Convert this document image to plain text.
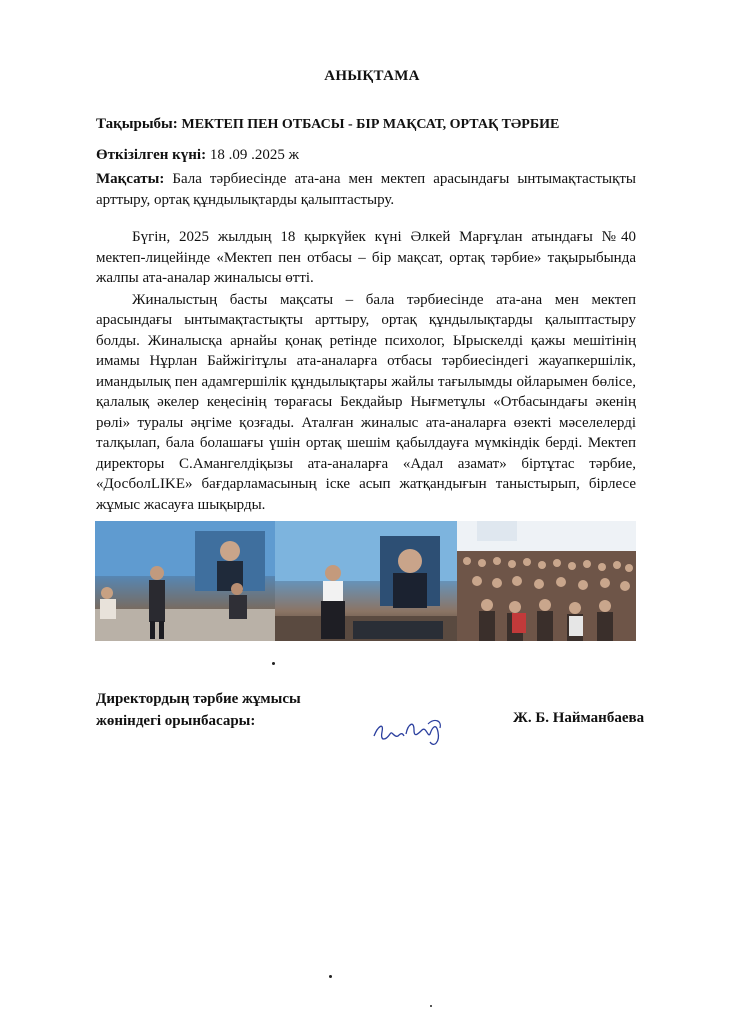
АНЫҚТАМА
Тақырыбы: МЕКТЕП ПЕН ОТБАСЫ - БІР МАҚСАТ, ОРТАҚ ТӘРБИЕ
Өткізілген күні: 18 .09 .2025 ж
Мақсаты: Бала тәрбиесінде ата-ана мен мектеп арасындағы ынтымақтастықты арттыру, ортақ құндылықтарды қалыптастыру.

Бүгін, 2025 жылдың 18 қыркүйек күні Әлкей Марғұлан атындағы №40 мектеп-лицейінде «Мектеп пен отбасы – бір мақсат, ортақ тәрбие» тақырыбында жалпы ата-аналар жиналысы өтті.

Жиналыстың басты мақсаты – бала тәрбиесінде ата-ана мен мектеп арасындағы ынтымақтастықты арттыру, ортақ құндылықтарды қалыптастыру болды. Жиналысқа арнайы қонақ ретінде психолог, Ырыскелді қажы мешітінің имамы Нұрлан Байжігітұлы ата-аналарға отбасы тәрбиесіндегі жауапкершілік, имандылық пен адамгершілік құндылықтары жайлы тағылымды ойларымен бөлісе, қалалық әкелер кеңесінің төрағасы Бекдайыр Нығметұлы «Отбасындағы әкенің рөлі» туралы әңгіме қозғады. Аталған жиналыс ата-аналарға өзекті мәселелерді талқылап, бала болашағы үшін ортақ шешім қабылдауға мүмкіндік берді. Мектеп директоры С.Амангелдіқызы ата-аналарға «Адал азамат» біртұтас тәрбие, «ДосболLIKE» бағдарламасының іске асып жатқандығын таныстырып, бірлесе жұмыс жасауға шықырды.

Директордың тәрбие жұмысы
жөніндегі орынбасары:	Ж. Б. Найманбаева
